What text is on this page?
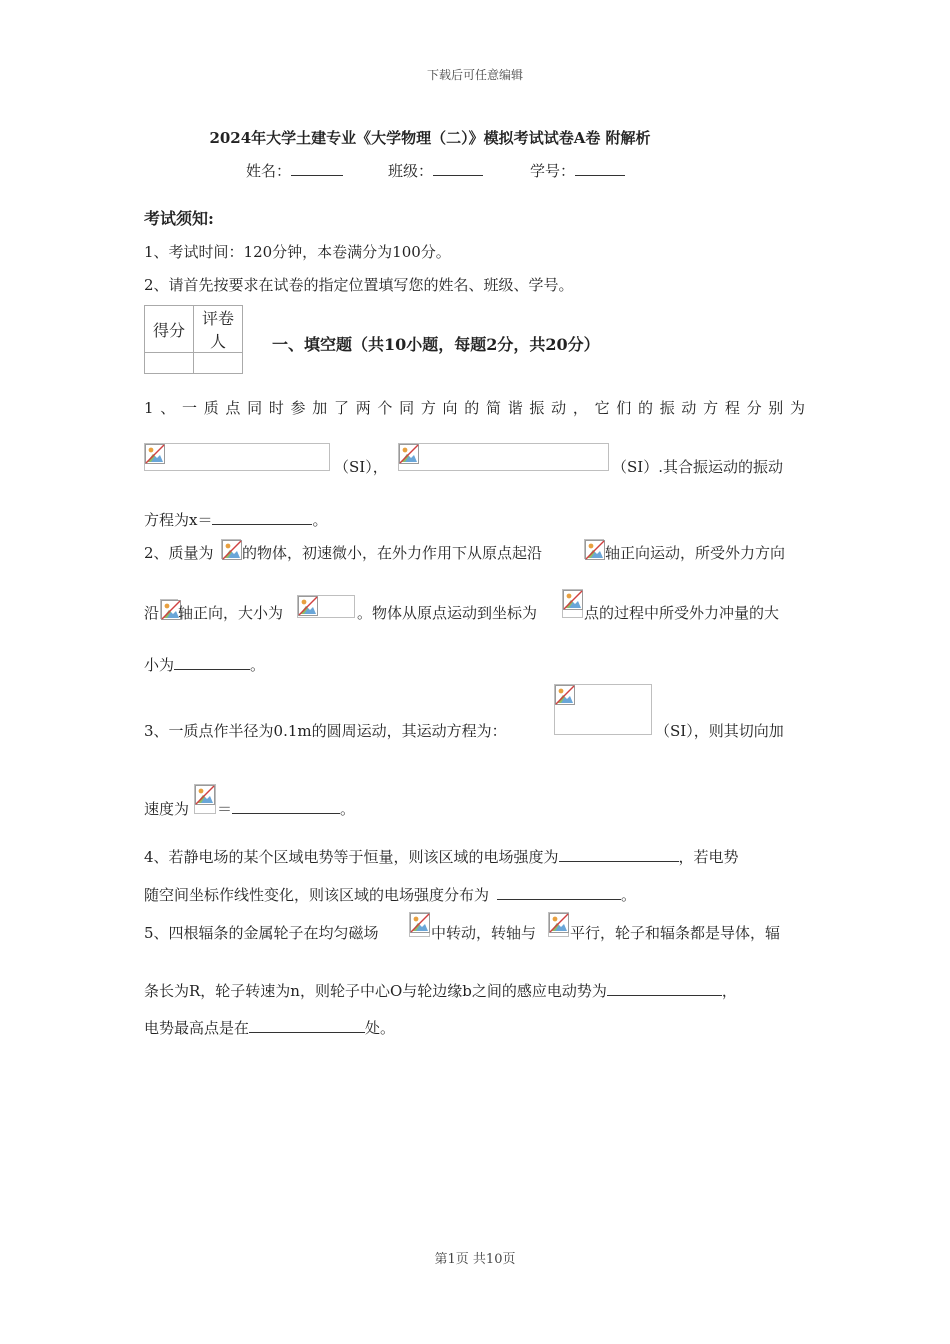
下载后可任意编辑
2024年大学土建专业《大学物理（二）》模拟考试试卷A卷 附解析
姓名：	班级：	学号：
考试须知:
1、考试时间：120分钟，本卷满分为100分。
2、请首先按要求在试卷的指定位置填写您的姓名、班级、学号。
得分	评卷人
		一、填空题（共10小题，每题2分，共20分）
1、一质点同时参加了两个同方向的简谐振动，它们的振动方程分别为
（SI），	（SI）.其合振运动的振动
方程为x＝	。
2、质量为 的物体，初速微小，在外力作用下从原点起沿	轴正向运动，所受外力方向
沿 轴正向，大小为	。物体从原点运动到坐标为	点的过程中所受外力冲量的大
小为	。
3、一质点作半径为0.1m的圆周运动，其运动方程为：	（SI），则其切向加
速度为 ＝	。
4、若静电场的某个区域电势等于恒量，则该区域的电场强度为	，若电势
随空间坐标作线性变化，则该区域的电场强度分布为	。
5、四根辐条的金属轮子在均匀磁场	中转动，转轴与 平行，轮子和辐条都是导体，辐
条长为R，轮子转速为n，则轮子中心O与轮边缘b之间的感应电动势为	，
电势最高点是在	处。
第1页 共10页
